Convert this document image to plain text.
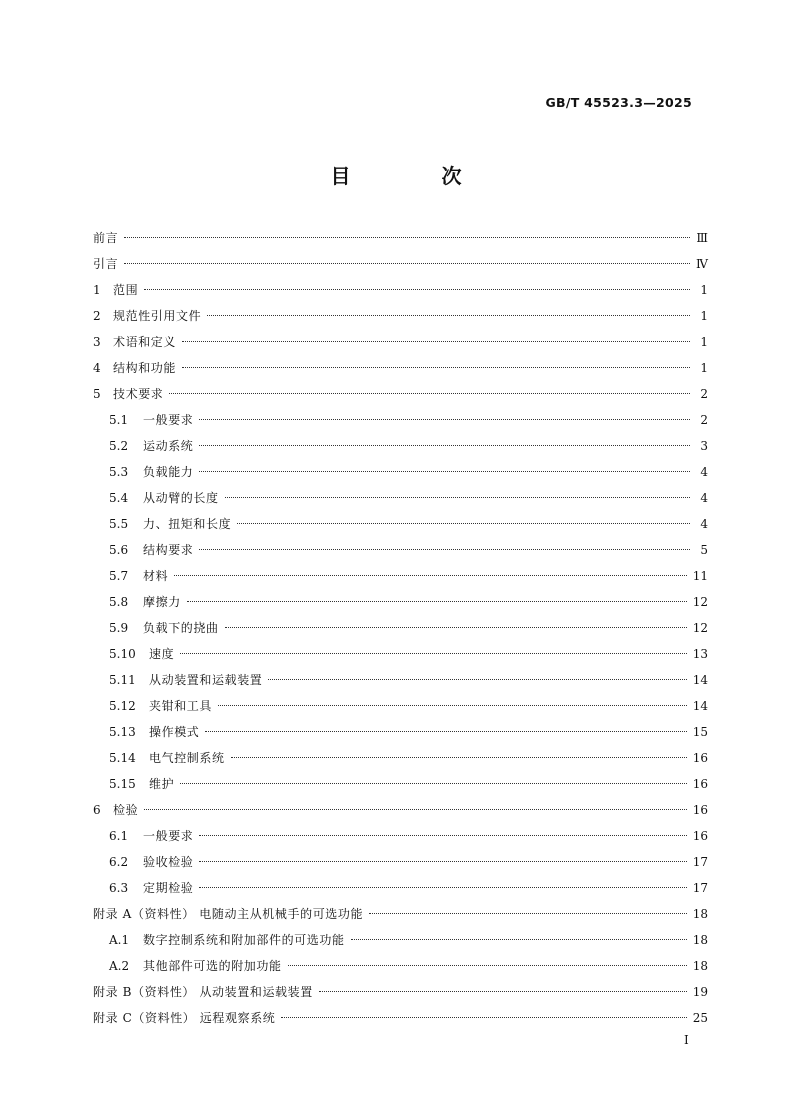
GB/T 45523.3—2025
目 次
前言	Ⅲ
引言	Ⅳ
1	范围	1
2	规范性引用文件	1
3	术语和定义	1
4	结构和功能	1
5	技术要求	2
5.1	一般要求	2
5.2	运动系统	3
5.3	负载能力	4
5.4	从动臂的长度	4
5.5	力、扭矩和长度	4
5.6	结构要求	5
5.7	材料	11
5.8	摩擦力	12
5.9	负载下的挠曲	12
5.10	速度	13
5.11	从动装置和运载装置	14
5.12	夹钳和工具	14
5.13	操作模式	15
5.14	电气控制系统	16
5.15	维护	16
6	检验	16
6.1	一般要求	16
6.2	验收检验	17
6.3	定期检验	17
附录 A（资料性） 电随动主从机械手的可选功能	18
A.1	数字控制系统和附加部件的可选功能	18
A.2	其他部件可选的附加功能	18
附录 B（资料性） 从动装置和运载装置	19
附录 C（资料性） 远程观察系统	25
I
